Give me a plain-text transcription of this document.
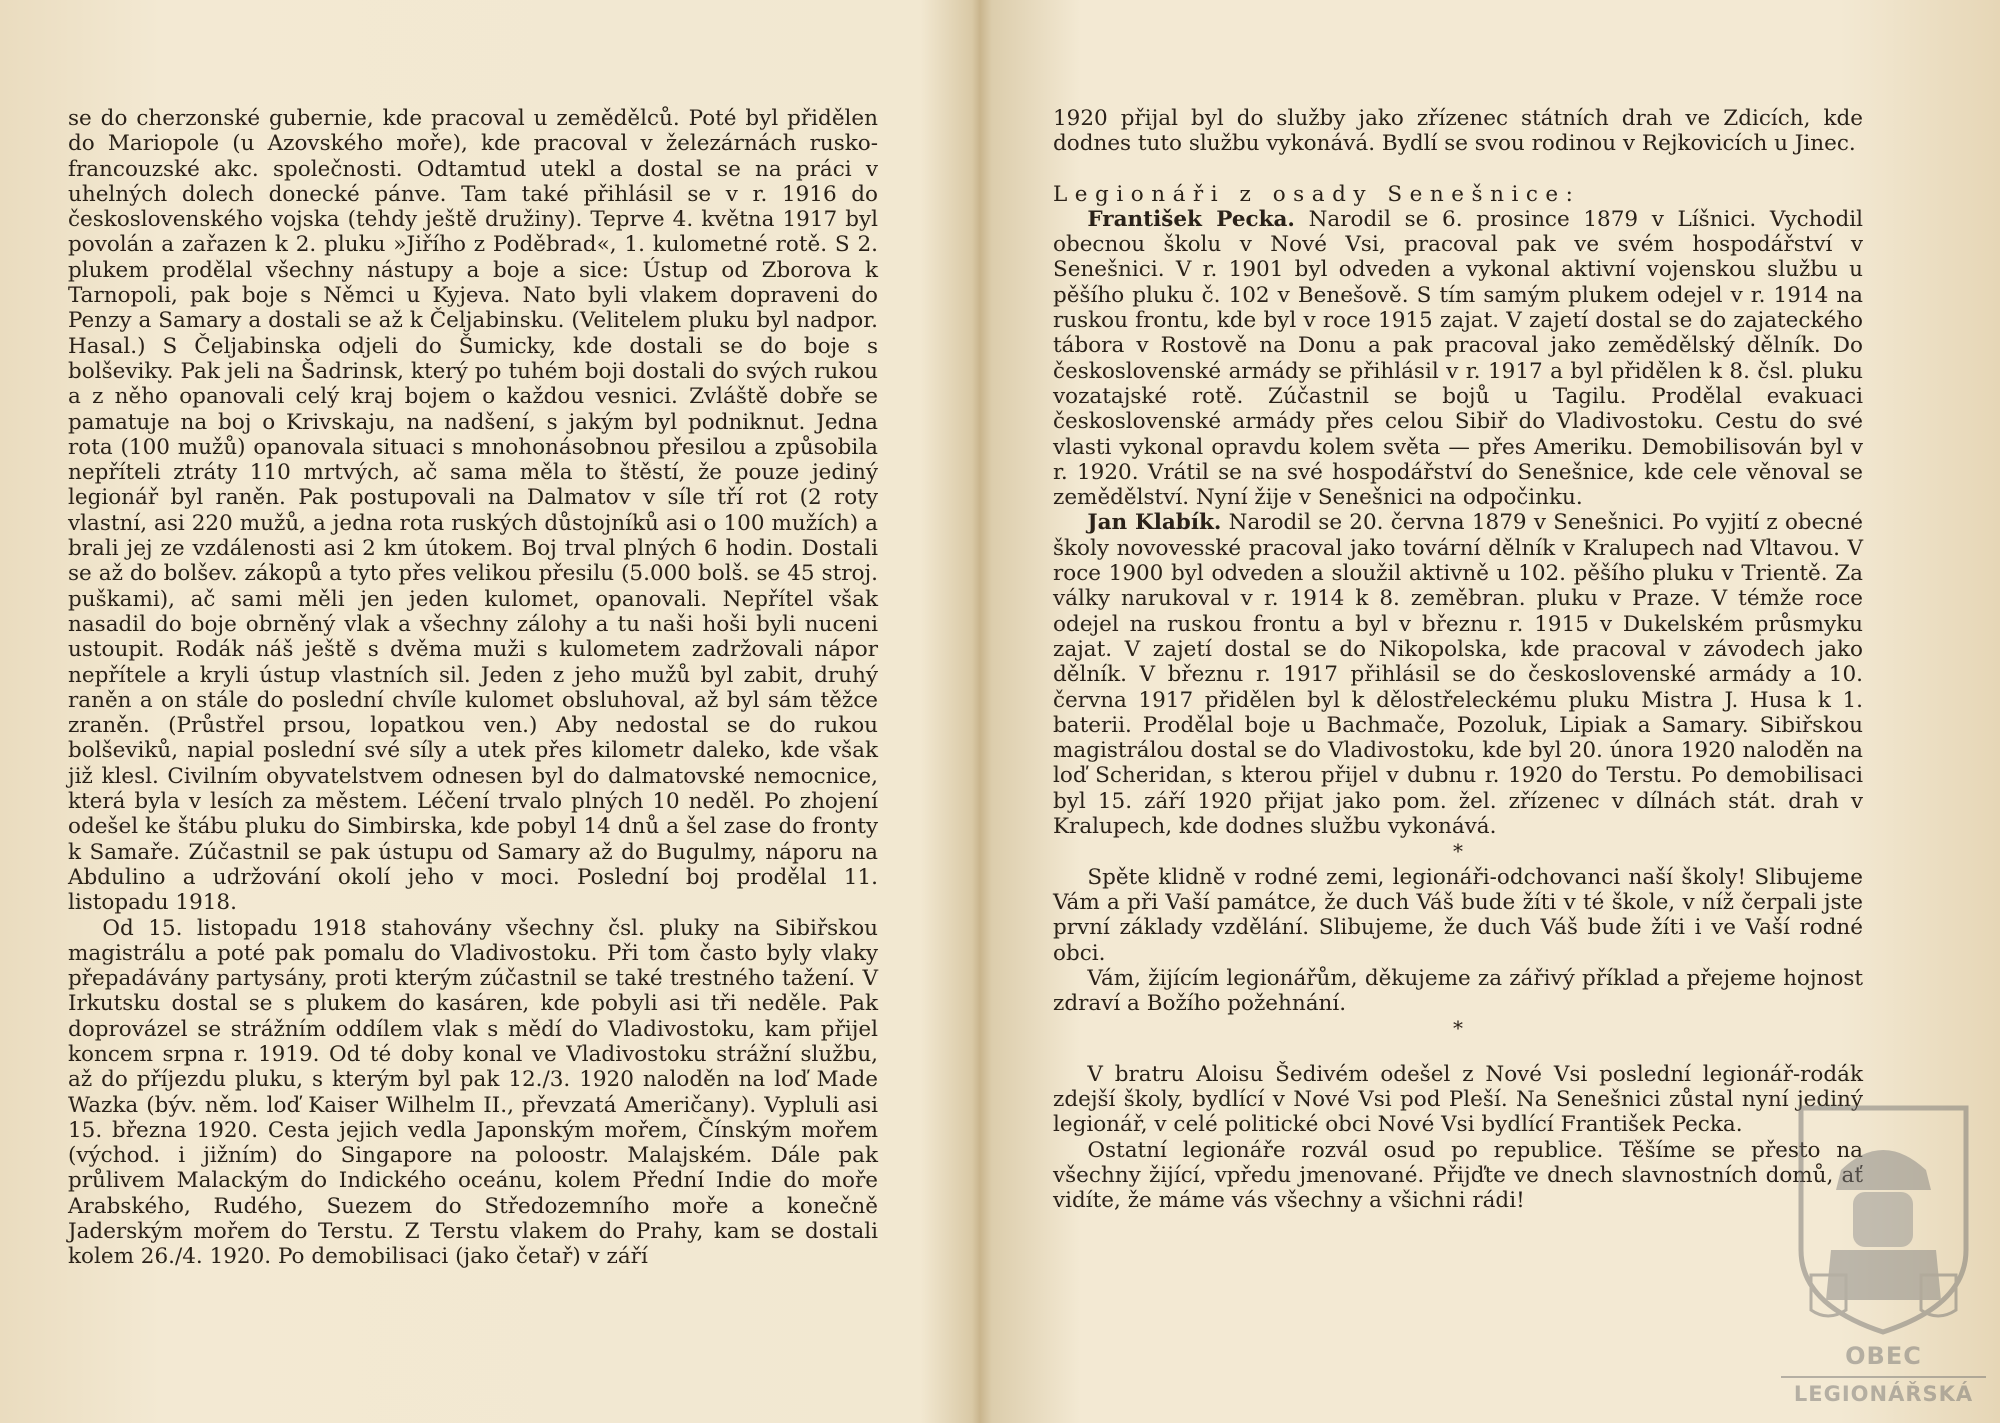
se do cherzonské gubernie, kde pracoval u zemědělců. Poté byl přidělen do Mariopole (u Azovského moře), kde pracoval v železárnách rusko-francouzské akc. společnosti. Odtamtud utekl a dostal se na práci v uhelných dolech donecké pánve. Tam také přihlásil se v r. 1916 do československého vojska (tehdy ještě družiny). Teprve 4. května 1917 byl povolán a zařazen k 2. pluku »Jiřího z Poděbrad«, 1. kulometné rotě. S 2. plukem prodělal všechny nástupy a boje a sice: Ústup od Zborova k Tarnopoli, pak boje s Němci u Kyjeva. Nato byli vlakem dopraveni do Penzy a Samary a dostali se až k Čeljabinsku. (Velitelem pluku byl nadpor. Hasal.) S Čeljabinska odjeli do Šumicky, kde dostali se do boje s bolševiky. Pak jeli na Šadrinsk, který po tuhém boji dostali do svých rukou a z něho opanovali celý kraj bojem o každou vesnici. Zvláště dobře se pamatuje na boj o Krivskaju, na nadšení, s jakým byl podniknut. Jedna rota (100 mužů) opanovala situaci s mnohonásobnou přesilou a způsobila nepříteli ztráty 110 mrtvých, ač sama měla to štěstí, že pouze jediný legionář byl raněn. Pak postupovali na Dalmatov v síle tří rot (2 roty vlastní, asi 220 mužů, a jedna rota ruských důstojníků asi o 100 mužích) a brali jej ze vzdálenosti asi 2 km útokem. Boj trval plných 6 hodin. Dostali se až do bolšev. zákopů a tyto přes velikou přesilu (5.000 bolš. se 45 stroj. puškami), ač sami měli jen jeden kulomet, opanovali. Nepřítel však nasadil do boje obrněný vlak a všechny zálohy a tu naši hoši byli nuceni ustoupit. Rodák náš ještě s dvěma muži s kulometem zadržovali nápor nepřítele a kryli ústup vlastních sil. Jeden z jeho mužů byl zabit, druhý raněn a on stále do poslední chvíle kulomet obsluhoval, až byl sám těžce zraněn. (Průstřel prsou, lopatkou ven.) Aby nedostal se do rukou bolševiků, napial poslední své síly a utek přes kilometr daleko, kde však již klesl. Civilním obyvatelstvem odnesen byl do dalmatovské nemocnice, která byla v lesích za městem. Léčení trvalo plných 10 neděl. Po zhojení odešel ke štábu pluku do Simbirska, kde pobyl 14 dnů a šel zase do fronty k Samaře. Zúčastnil se pak ústupu od Samary až do Bugulmy, náporu na Abdulino a udržování okolí jeho v moci. Poslední boj prodělal 11. listopadu 1918.

Od 15. listopadu 1918 stahovány všechny čsl. pluky na Sibiřskou magistrálu a poté pak pomalu do Vladivostoku. Při tom často byly vlaky přepadávány partysány, proti kterým zúčastnil se také trestného tažení. V Irkutsku dostal se s plukem do kasáren, kde pobyli asi tři neděle. Pak doprovázel se strážním oddílem vlak s mědí do Vladivostoku, kam přijel koncem srpna r. 1919. Od té doby konal ve Vladivostoku strážní službu, až do příjezdu pluku, s kterým byl pak 12./3. 1920 naloděn na loď Made Wazka (býv. něm. loď Kaiser Wilhelm II., převzatá Američany). Vypluli asi 15. března 1920. Cesta jejich vedla Japonským mořem, Čínským mořem (východ. i jižním) do Singapore na poloostr. Malajském. Dále pak průlivem Malackým do Indického oceánu, kolem Přední Indie do moře Arabského, Rudého, Suezem do Středozemního moře a konečně Jaderským mořem do Terstu. Z Terstu vlakem do Prahy, kam se dostali kolem 26./4. 1920. Po demobilisaci (jako četař) v září

1920 přijal byl do služby jako zřízenec státních drah ve Zdicích, kde dodnes tuto službu vykonává. Bydlí se svou rodinou v Rejkovicích u Jinec.

Legionáři z osady Senešnice:

František Pecka. Narodil se 6. prosince 1879 v Líšnici. Vychodil obecnou školu v Nové Vsi, pracoval pak ve svém hospodářství v Senešnici. V r. 1901 byl odveden a vykonal aktivní vojenskou službu u pěšího pluku č. 102 v Benešově. S tím samým plukem odejel v r. 1914 na ruskou frontu, kde byl v roce 1915 zajat. V zajetí dostal se do zajateckého tábora v Rostově na Donu a pak pracoval jako zemědělský dělník. Do československé armády se přihlásil v r. 1917 a byl přidělen k 8. čsl. pluku vozatajské rotě. Zúčastnil se bojů u Tagilu. Prodělal evakuaci československé armády přes celou Sibiř do Vladivostoku. Cestu do své vlasti vykonal opravdu kolem světa — přes Ameriku. Demobilisován byl v r. 1920. Vrátil se na své hospodářství do Senešnice, kde cele věnoval se zemědělství. Nyní žije v Senešnici na odpočinku.

Jan Klabík. Narodil se 20. června 1879 v Senešnici. Po vyjití z obecné školy novovesské pracoval jako tovární dělník v Kralupech nad Vltavou. V roce 1900 byl odveden a sloužil aktivně u 102. pěšího pluku v Trientě. Za války narukoval v r. 1914 k 8. zeměbran. pluku v Praze. V témže roce odejel na ruskou frontu a byl v březnu r. 1915 v Dukelském průsmyku zajat. V zajetí dostal se do Nikopolska, kde pracoval v závodech jako dělník. V březnu r. 1917 přihlásil se do československé armády a 10. června 1917 přidělen byl k dělostřeleckému pluku Mistra J. Husa k 1. baterii. Prodělal boje u Bachmače, Pozoluk, Lipiak a Samary. Sibiřskou magistrálou dostal se do Vladivostoku, kde byl 20. února 1920 naloděn na loď Scheridan, s kterou přijel v dubnu r. 1920 do Terstu. Po demobilisaci byl 15. září 1920 přijat jako pom. žel. zřízenec v dílnách stát. drah v Kralupech, kde dodnes službu vykonává.

*

Spěte klidně v rodné zemi, legionáři-odchovanci naší školy! Slibujeme Vám a při Vaší památce, že duch Váš bude žíti v té škole, v níž čerpali jste první základy vzdělání. Slibujeme, že duch Váš bude žíti i ve Vaší rodné obci.

Vám, žijícím legionářům, děkujeme za zářivý příklad a přejeme hojnost zdraví a Božího požehnání.

*

V bratru Aloisu Šedivém odešel z Nové Vsi poslední legionář-rodák zdejší školy, bydlící v Nové Vsi pod Pleší. Na Senešnici zůstal nyní jediný legionář, v celé politické obci Nové Vsi bydlící František Pecka.

Ostatní legionáře rozvál osud po republice. Těšíme se přesto na všechny žijící, vpředu jmenované. Přijďte ve dnech slavnostních domů, ať vidíte, že máme vás všechny a všichni rádi!

OBEC
LEGIONÁŘSKÁ
